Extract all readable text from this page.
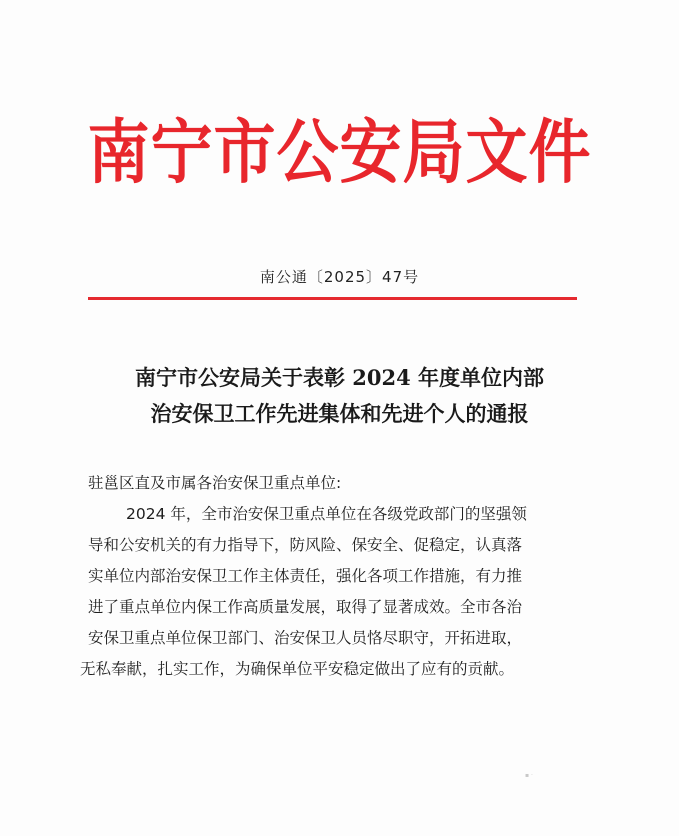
南宁市公安局文件
南公通〔2025〕47号
南宁市公安局关于表彰 2024 年度单位内部
治安保卫工作先进集体和先进个人的通报
驻邕区直及市属各治安保卫重点单位:
2024 年，全市治安保卫重点单位在各级党政部门的坚强领
导和公安机关的有力指导下，防风险、保安全、促稳定，认真落
实单位内部治安保卫工作主体责任，强化各项工作措施，有力推
进了重点单位内保工作高质量发展，取得了显著成效。全市各治
安保卫重点单位保卫部门、治安保卫人员恪尽职守，开拓进取，
无私奉献，扎实工作，为确保单位平安稳定做出了应有的贡献。
▪ ·
